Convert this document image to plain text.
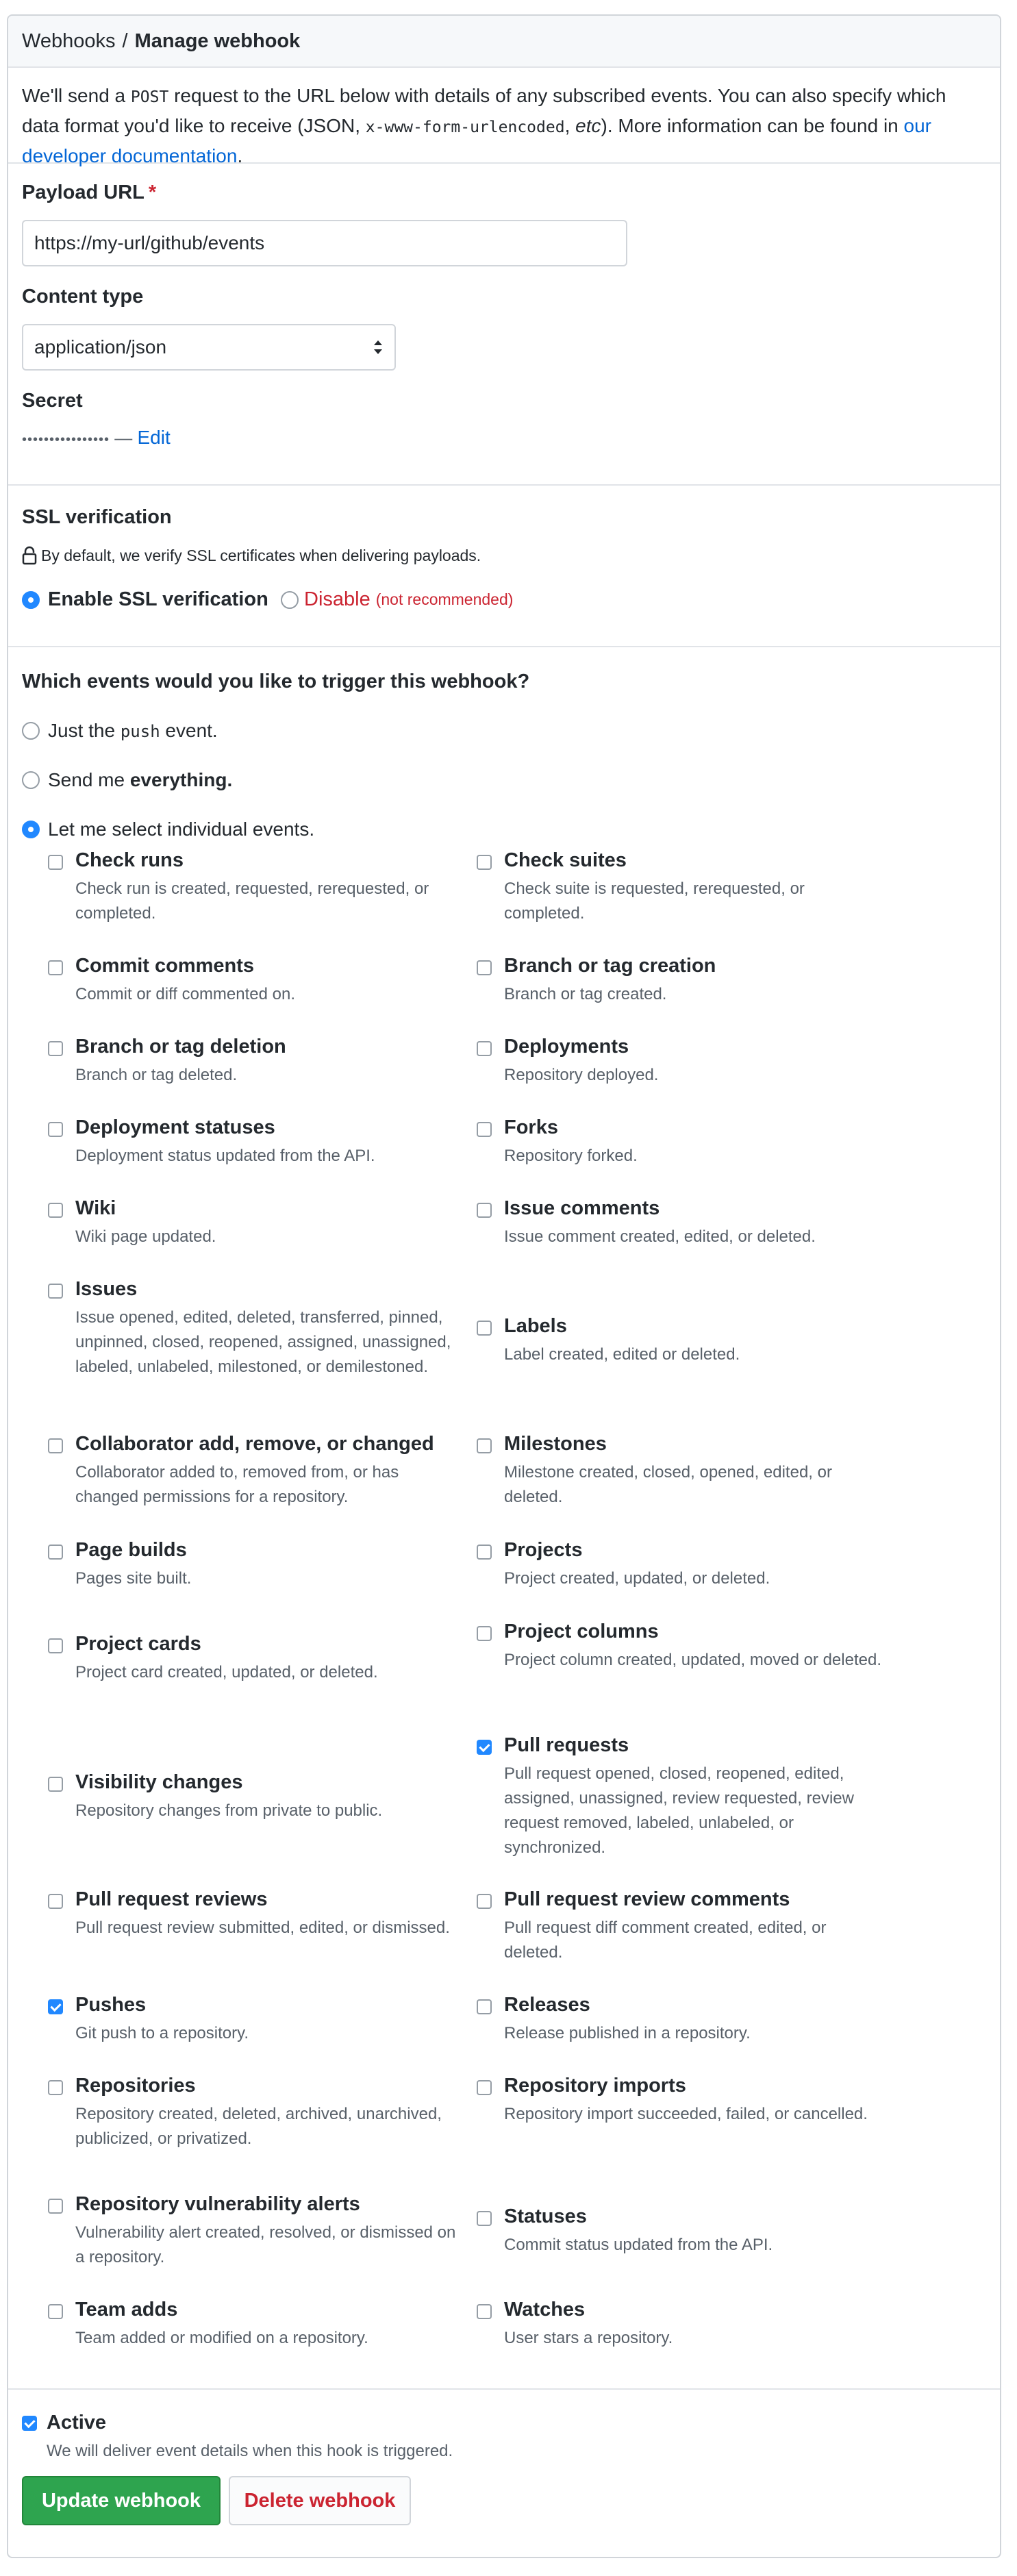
Webhooks / Manage webhook
We'll send a POST request to the URL below with details of any subscribed events. You can also specify which
data format you'd like to receive (JSON, x-www-form-urlencoded, etc). More information can be found in our
developer documentation.
Payload URL *
https://my-url/github/events
Content type
application/json
Secret
•••••••••••••••• — Edit
SSL verification
By default, we verify SSL certificates when delivering payloads.
Enable SSL verification Disable (not recommended)
Which events would you like to trigger this webhook?
Just the push event.
Send me everything.
Let me select individual events.
Check runs
Check run is created, requested, rerequested, or completed.
Check suites
Check suite is requested, rerequested, or completed.
Commit comments
Commit or diff commented on.
Branch or tag creation
Branch or tag created.
Branch or tag deletion
Branch or tag deleted.
Deployments
Repository deployed.
Deployment statuses
Deployment status updated from the API.
Forks
Repository forked.
Wiki
Wiki page updated.
Issue comments
Issue comment created, edited, or deleted.
Issues
Issue opened, edited, deleted, transferred, pinned, unpinned, closed, reopened, assigned, unassigned, labeled, unlabeled, milestoned, or demilestoned.
Labels
Label created, edited or deleted.
Collaborator add, remove, or changed
Collaborator added to, removed from, or has changed permissions for a repository.
Milestones
Milestone created, closed, opened, edited, or deleted.
Page builds
Pages site built.
Projects
Project created, updated, or deleted.
Project cards
Project card created, updated, or deleted.
Project columns
Project column created, updated, moved or deleted.
Visibility changes
Repository changes from private to public.
Pull requests
Pull request opened, closed, reopened, edited, assigned, unassigned, review requested, review request removed, labeled, unlabeled, or synchronized.
Pull request reviews
Pull request review submitted, edited, or dismissed.
Pull request review comments
Pull request diff comment created, edited, or deleted.
Pushes
Git push to a repository.
Releases
Release published in a repository.
Repositories
Repository created, deleted, archived, unarchived, publicized, or privatized.
Repository imports
Repository import succeeded, failed, or cancelled.
Repository vulnerability alerts
Vulnerability alert created, resolved, or dismissed on a repository.
Statuses
Commit status updated from the API.
Team adds
Team added or modified on a repository.
Watches
User stars a repository.
Active
We will deliver event details when this hook is triggered.
Update webhook	Delete webhook
